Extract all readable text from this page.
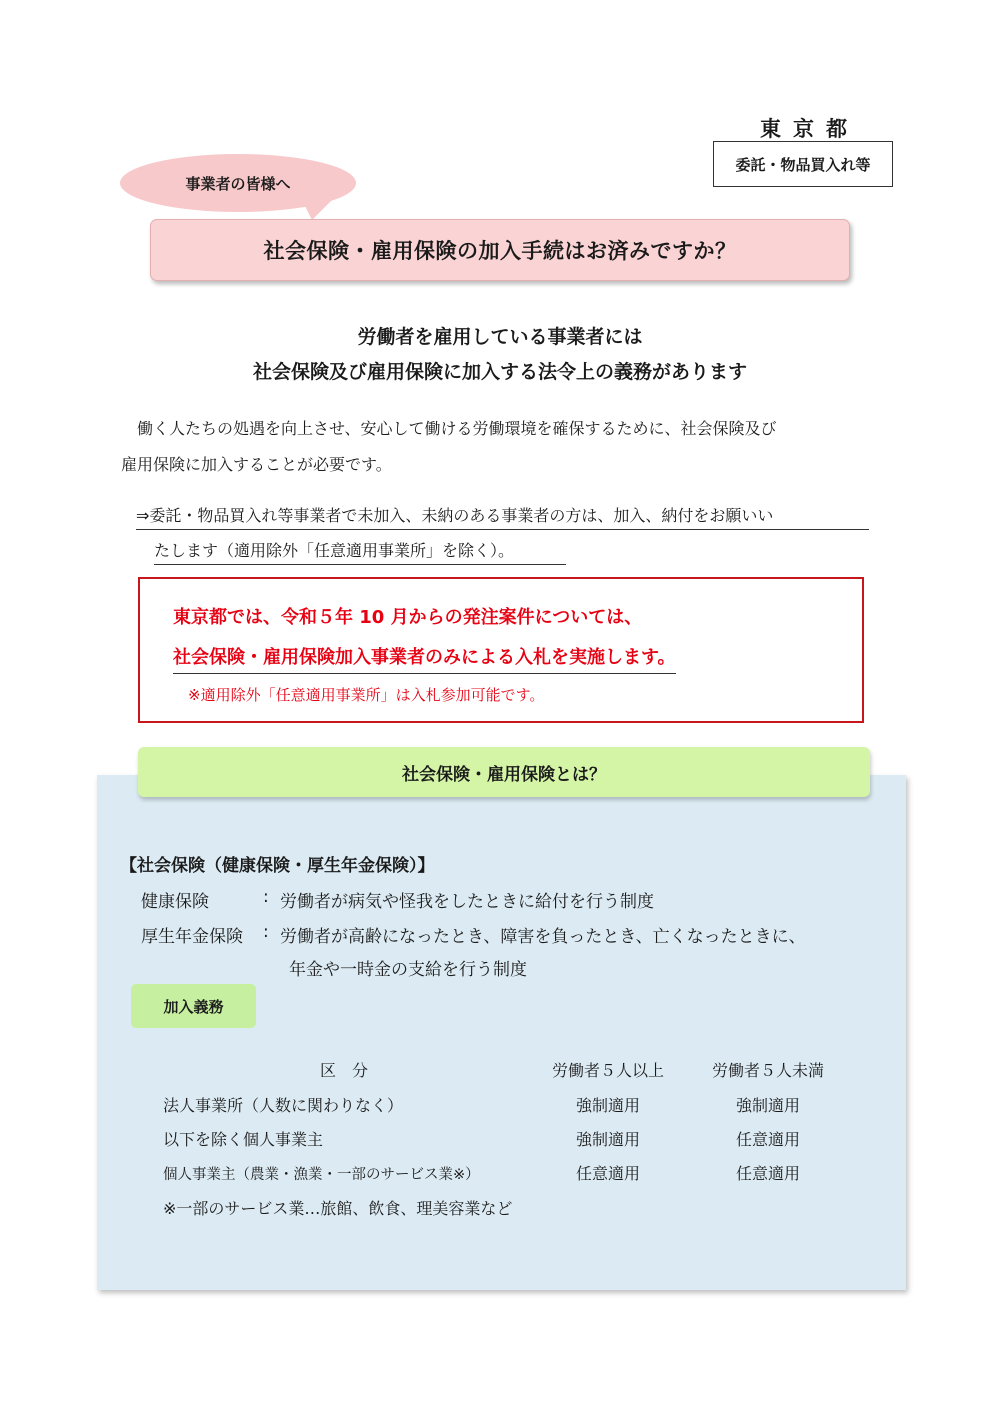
東京都
委託・物品買入れ等
事業者の皆様へ
社会保険・雇用保険の加入手続はお済みですか？
労働者を雇用している事業者には
社会保険及び雇用保険に加入する法令上の義務があります
　働く人たちの処遇を向上させ、安心して働ける労働環境を確保するために、社会保険及び
雇用保険に加入することが必要です。
⇒委託・物品買入れ等事業者で未加入、未納のある事業者の方は、加入、納付をお願いい
たします（適用除外「任意適用事業所」を除く）。
東京都では、令和５年 10 月からの発注案件については、
社会保険・雇用保険加入事業者のみによる入札を実施します。
※適用除外「任意適用事業所」は入札参加可能です。
社会保険・雇用保険とは？
【社会保険（健康保険・厚生年金保険）】
健康保険	: 労働者が病気や怪我をしたときに給付を行う制度
厚生年金保険 : 労働者が高齢になったとき、障害を負ったとき、亡くなったときに、
年金や一時金の支給を行う制度
加入義務
区　分	労働者５人以上	労働者５人未満
法人事業所（人数に関わりなく）	強制適用	強制適用
以下を除く個人事業主	強制適用	任意適用
個人事業主（農業・漁業・一部のサービス業※）	任意適用	任意適用
※一部のサービス業…旅館、飲食、理美容業など
